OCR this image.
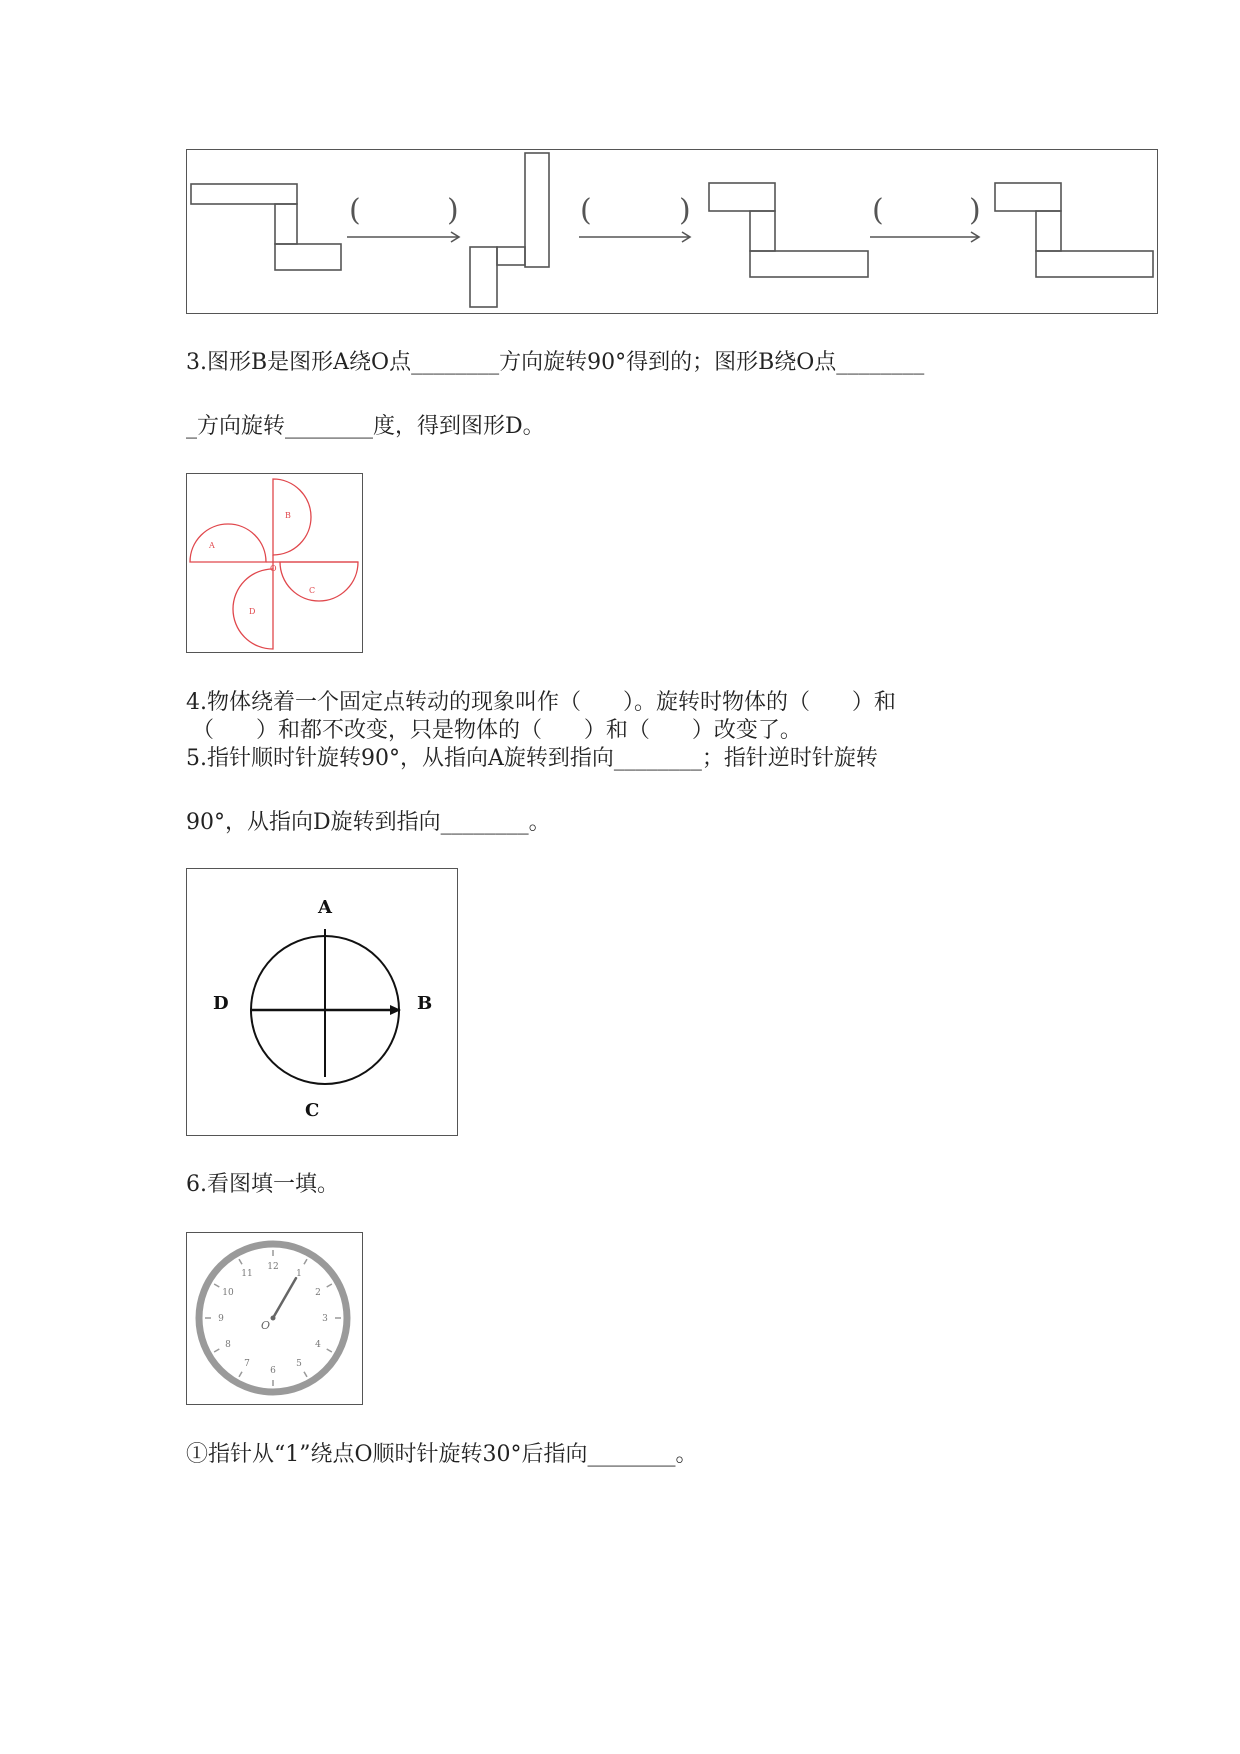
(	)	(	)	(	)
3.图形B是图形A绕O点________方向旋转90°得到的；图形B绕O点________
_方向旋转________度，得到图形D。
A
B
C
D
O
4.物体绕着一个固定点转动的现象叫作（      ）。旋转时物体的（      ）和
（      ）和都不改变，只是物体的（      ）和（      ）改变了。
5.指针顺时针旋转90°，从指向A旋转到指向________；指针逆时针旋转
90°，从指向D旋转到指向________。
A
B
C
D
6.看图填一填。
12
1
2
3
4
5
6
7
8
9
10
11
O
①指针从“1”绕点O顺时针旋转30°后指向________。
